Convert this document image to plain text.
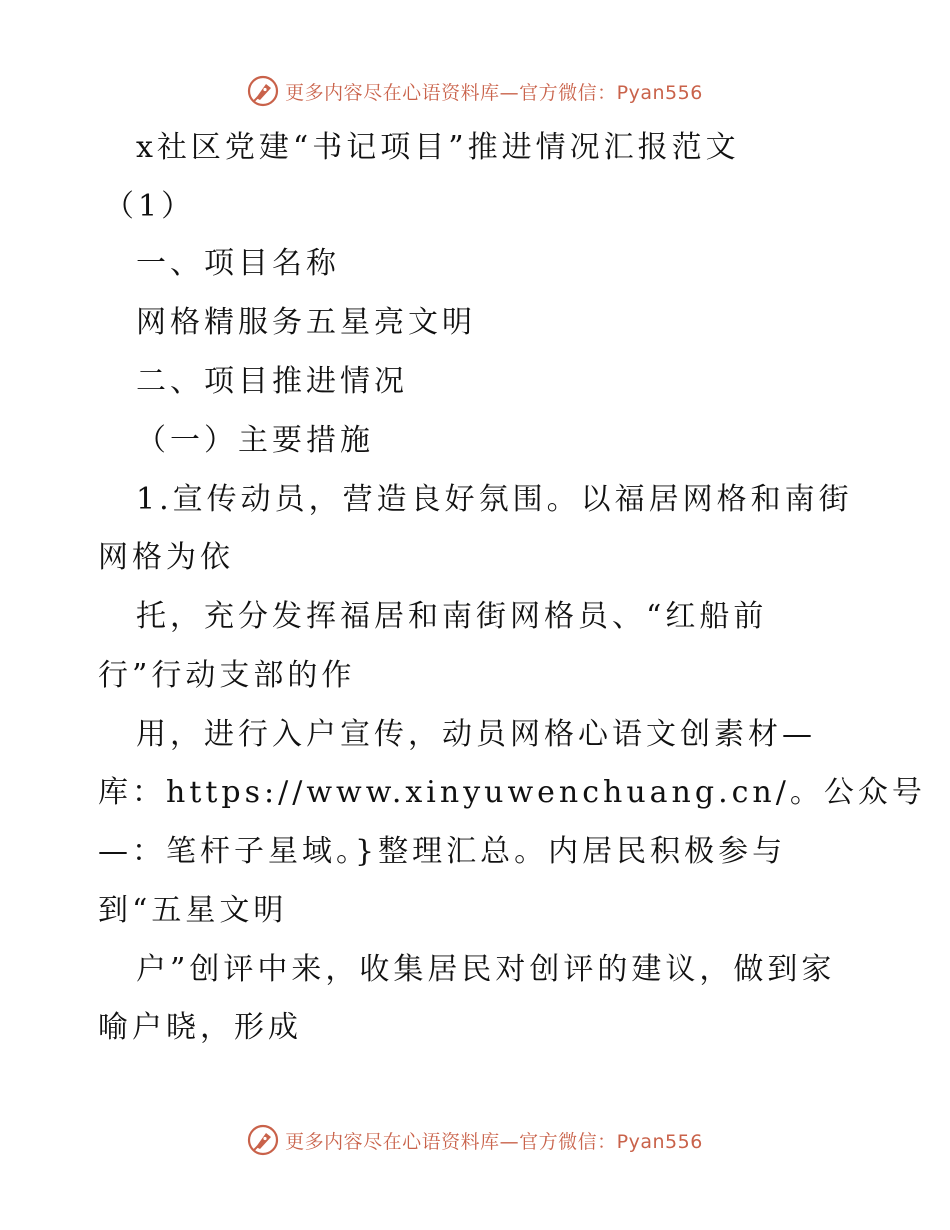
更多内容尽在心语资料库—官方微信：Pyan556
x社区党建“书记项目”推进情况汇报范文
（1）
一、项目名称
网格精服务五星亮文明
二、项目推进情况
（一）主要措施
1.宣传动员，营造良好氛围。以福居网格和南街
网格为依
托，充分发挥福居和南街网格员、“红船前
行”行动支部的作
用，进行入户宣传，动员网格心语文创素材—
库：https://www.xinyuwenchuang.cn/。公众号
—：笔杆子星域。}整理汇总。内居民积极参与
到“五星文明
户”创评中来，收集居民对创评的建议，做到家
喻户晓，形成
更多内容尽在心语资料库—官方微信：Pyan556
